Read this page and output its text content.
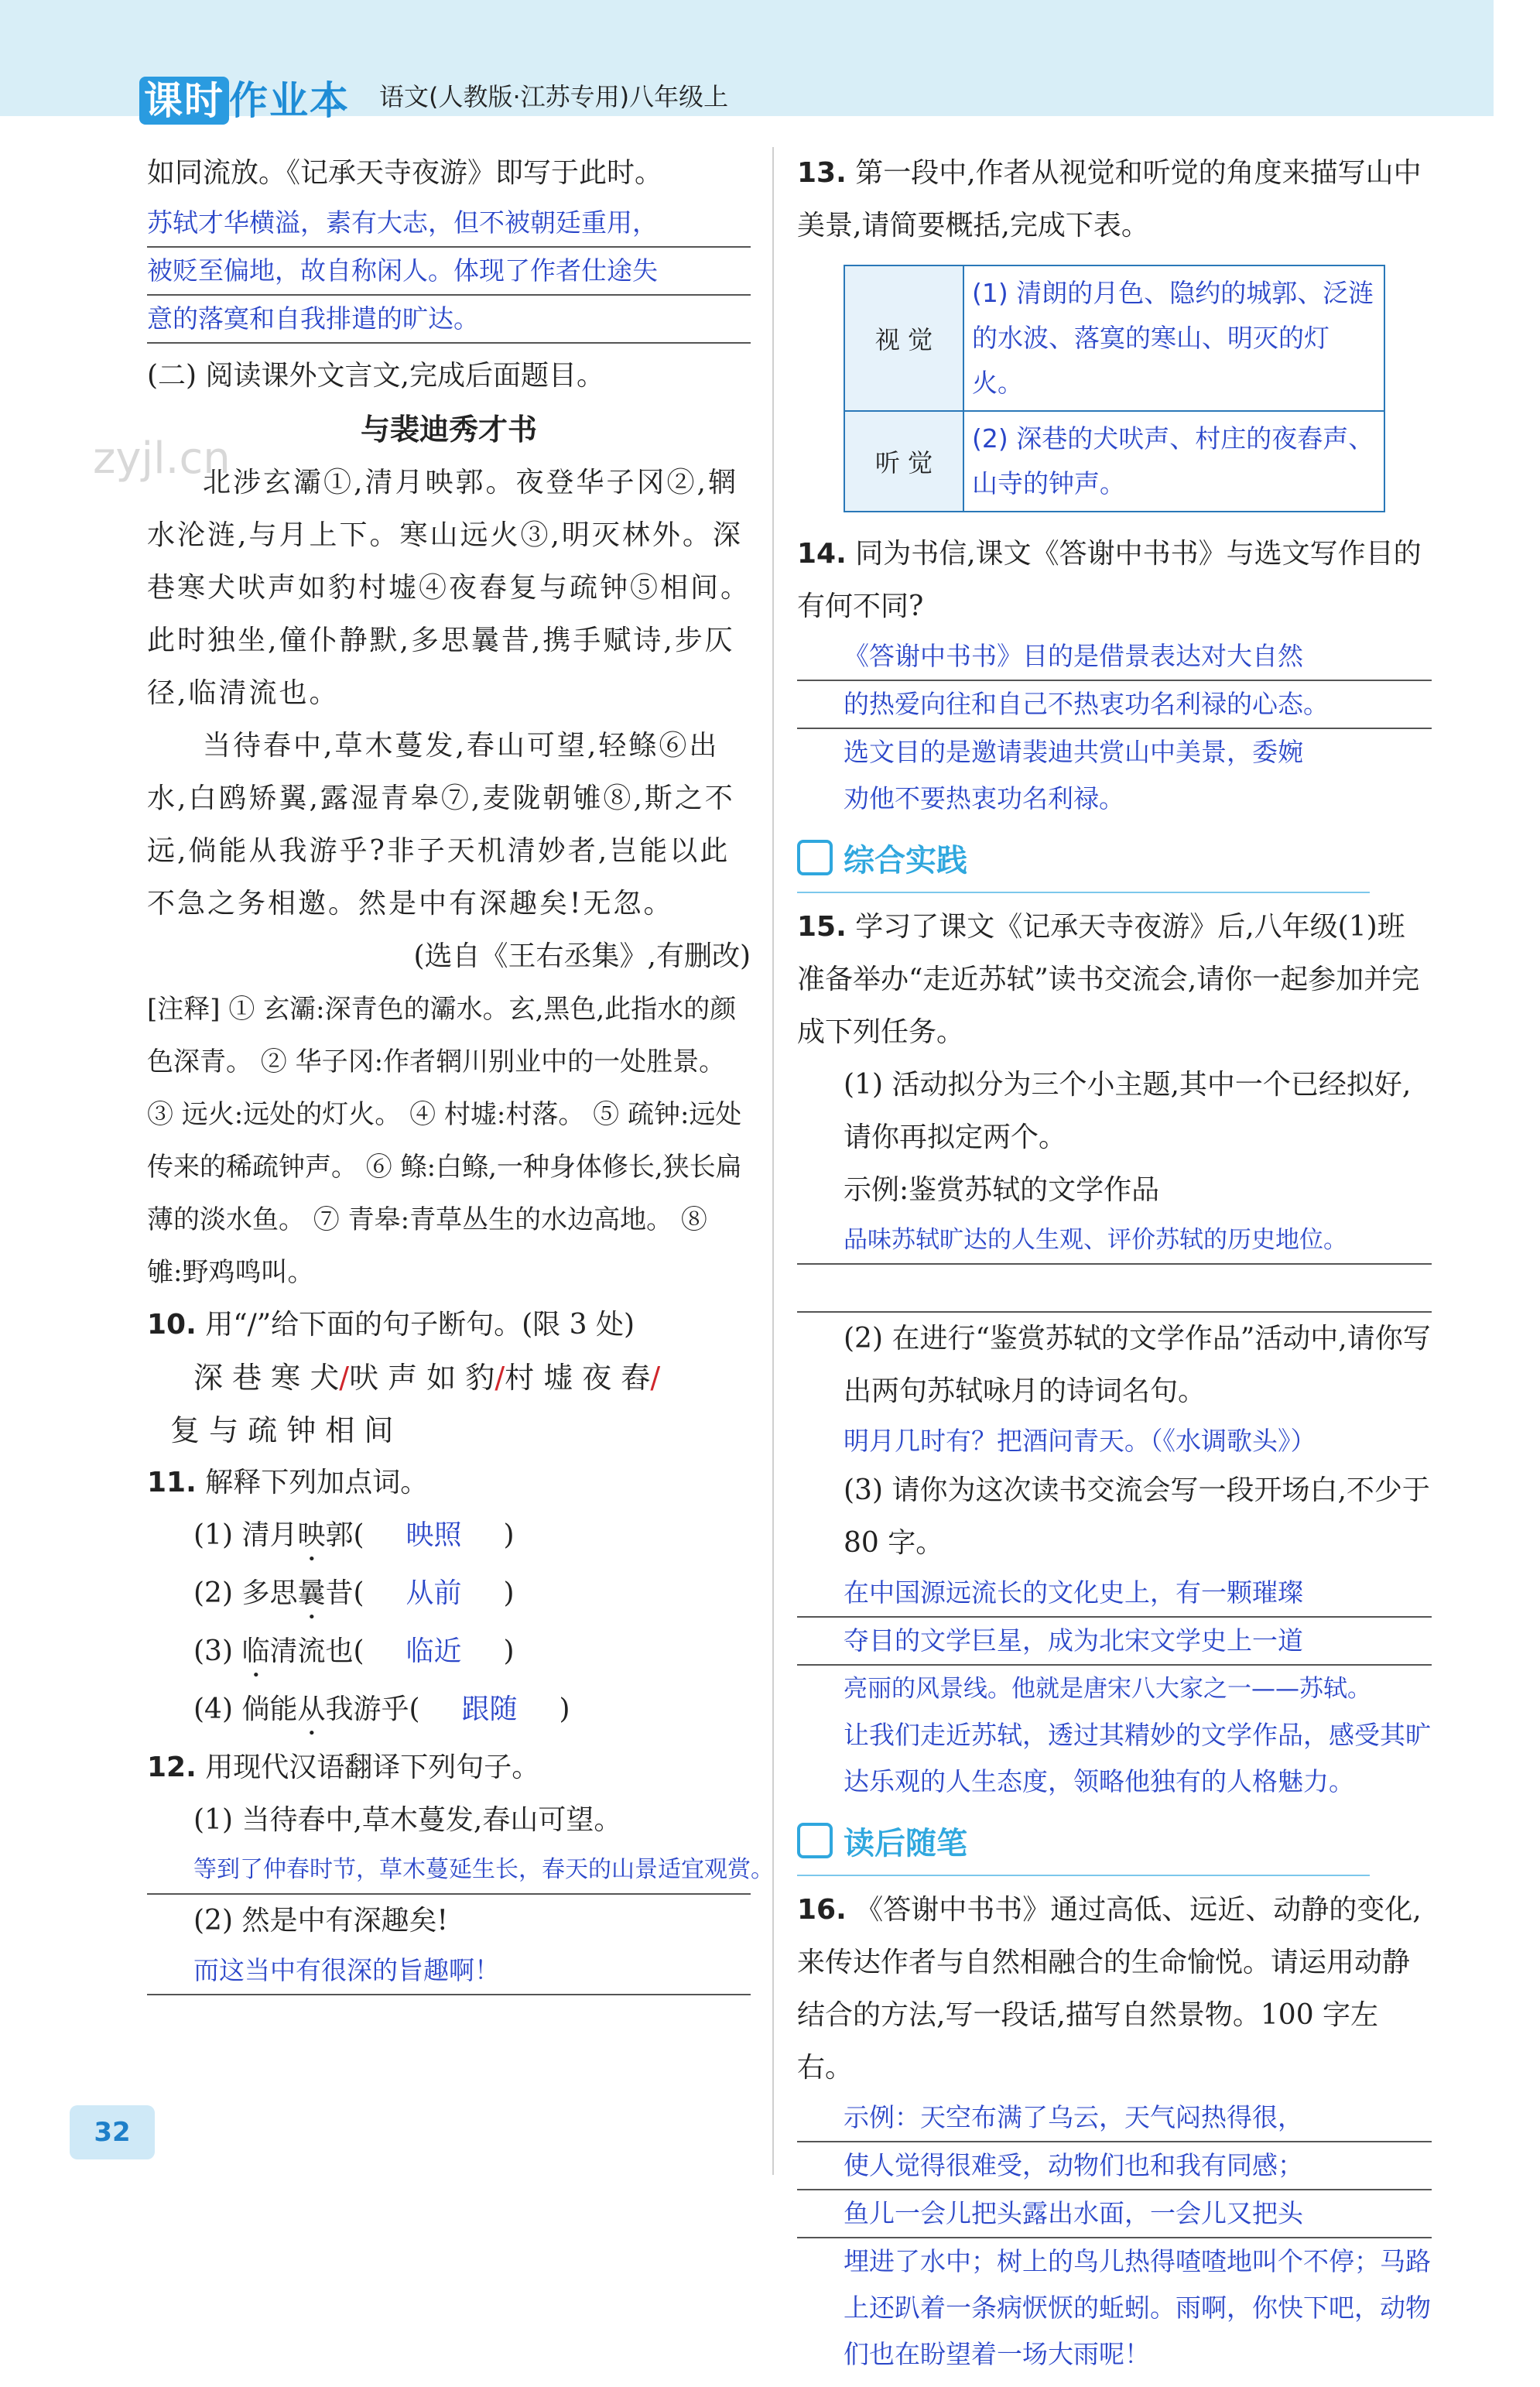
课时 作业本 语文(人教版·江苏专用)八年级上
zyjl.cn

如同流放。《记承天寺夜游》即写于此时。

苏轼才华横溢，素有大志，但不被朝廷重用，

被贬至偏地，故自称闲人。体现了作者仕途失

意的落寞和自我排遣的旷达。

(二) 阅读课外文言文,完成后面题目。

与裴迪秀才书

北涉玄灞①,清月映郭。夜登华子冈②,辋水沦涟,与月上下。寒山远火③,明灭林外。深巷寒犬吠声如豹村墟④夜舂复与疏钟⑤相间。此时独坐,僮仆静默,多思曩昔,携手赋诗,步仄径,临清流也。

当待春中,草木蔓发,春山可望,轻鲦⑥出水,白鸥矫翼,露湿青皋⑦,麦陇朝雊⑧,斯之不远,倘能从我游乎?非子天机清妙者,岂能以此不急之务相邀。然是中有深趣矣!无忽。

(选自《王右丞集》,有删改)

[注释] ① 玄灞:深青色的灞水。玄,黑色,此指水的颜色深青。 ② 华子冈:作者辋川别业中的一处胜景。 ③ 远火:远处的灯火。 ④ 村墟:村落。 ⑤ 疏钟:远处传来的稀疏钟声。 ⑥ 鲦:白鲦,一种身体修长,狭长扁薄的淡水鱼。 ⑦ 青皋:青草丛生的水边高地。 ⑧ 雊:野鸡鸣叫。

10. 用“/”给下面的句子断句。(限 3 处)

深 巷 寒 犬/吠 声 如 豹/村 墟 夜 舂/

复 与 疏 钟 相 间

11. 解释下列加点词。

(1) 清月映郭( 映照 )

(2) 多思曩昔( 从前 )

(3) 临清流也( 临近 )

(4) 倘能从我游乎( 跟随 )

12. 用现代汉语翻译下列句子。

(1) 当待春中,草木蔓发,春山可望。

等到了仲春时节，草木蔓延生长，春天的山景适宜观赏。

(2) 然是中有深趣矣!

而这当中有很深的旨趣啊！

32

13. 第一段中,作者从视觉和听觉的角度来描写山中美景,请简要概括,完成下表。

视 觉	(1) 清朗的月色、隐约的城郭、泛涟的水波、落寞的寒山、明灭的灯火。
听 觉	(2) 深巷的犬吠声、村庄的夜舂声、山寺的钟声。

14. 同为书信,课文《答谢中书书》与选文写作目的有何不同?

《答谢中书书》目的是借景表达对大自然

的热爱向往和自己不热衷功名利禄的心态。

选文目的是邀请裴迪共赏山中美景，委婉

劝他不要热衷功名利禄。

综合实践

15. 学习了课文《记承天寺夜游》后,八年级(1)班准备举办“走近苏轼”读书交流会,请你一起参加并完成下列任务。

(1) 活动拟分为三个小主题,其中一个已经拟好,请你再拟定两个。

示例:鉴赏苏轼的文学作品

品味苏轼旷达的人生观、评价苏轼的历史地位。

(2) 在进行“鉴赏苏轼的文学作品”活动中,请你写出两句苏轼咏月的诗词名句。

明月几时有？把酒问青天。（《水调歌头》）

(3) 请你为这次读书交流会写一段开场白,不少于 80 字。

在中国源远流长的文化史上，有一颗璀璨

夺目的文学巨星，成为北宋文学史上一道

亮丽的风景线。他就是唐宋八大家之一——苏轼。

让我们走近苏轼，透过其精妙的文学作品，感受其旷达乐观的人生态度，领略他独有的人格魅力。

读后随笔

16. 《答谢中书书》通过高低、远近、动静的变化,来传达作者与自然相融合的生命愉悦。请运用动静结合的方法,写一段话,描写自然景物。100 字左右。

示例：天空布满了乌云，天气闷热得很，

使人觉得很难受，动物们也和我有同感；

鱼儿一会儿把头露出水面，一会儿又把头

埋进了水中；树上的鸟儿热得喳喳地叫个不停；马路上还趴着一条病恹恹的蚯蚓。雨啊，你快下吧，动物们也在盼望着一场大雨呢！
